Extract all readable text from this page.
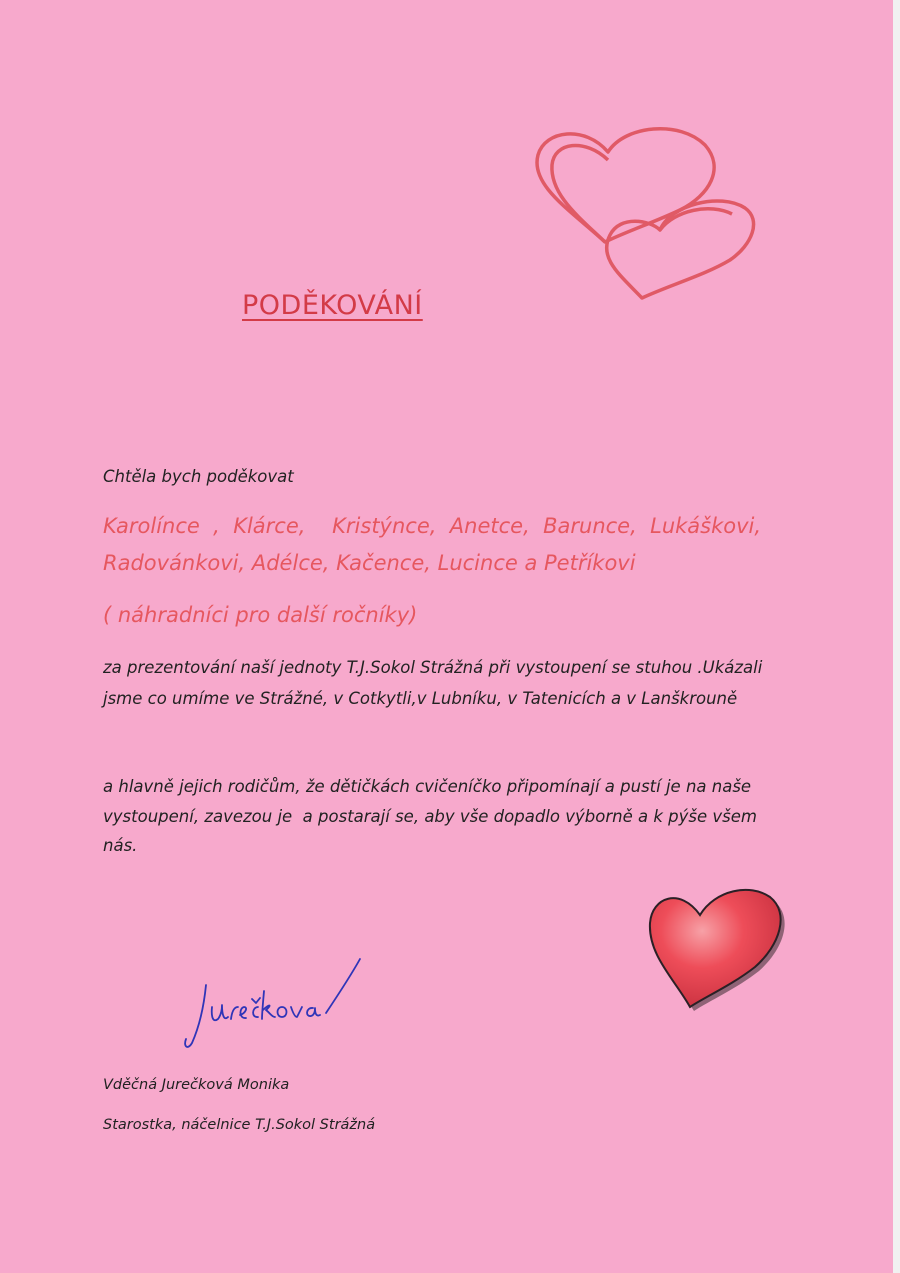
PODĚKOVÁNÍ

Chtěla bych poděkovat

Karolínce  ,  Klárce,    Kristýnce,  Anetce,  Barunce,  Lukáškovi,

Radovánkovi, Adélce, Kačence, Lucince a Petříkovi

( náhradníci pro další ročníky)

za prezentování naší jednoty T.J.Sokol Strážná při vystoupení se stuhou .Ukázali

jsme co umíme ve Strážné, v Cotkytli,v Lubníku, v Tatenicích a v Lanškrouně

a hlavně jejich rodičům, že dětičkách cvičeníčko připomínají a pustí je na naše

vystoupení, zavezou je  a postarají se, aby vše dopadlo výborně a k pýše všem

nás.

Vděčná Jurečková Monika

Starostka, náčelnice T.J.Sokol Strážná
